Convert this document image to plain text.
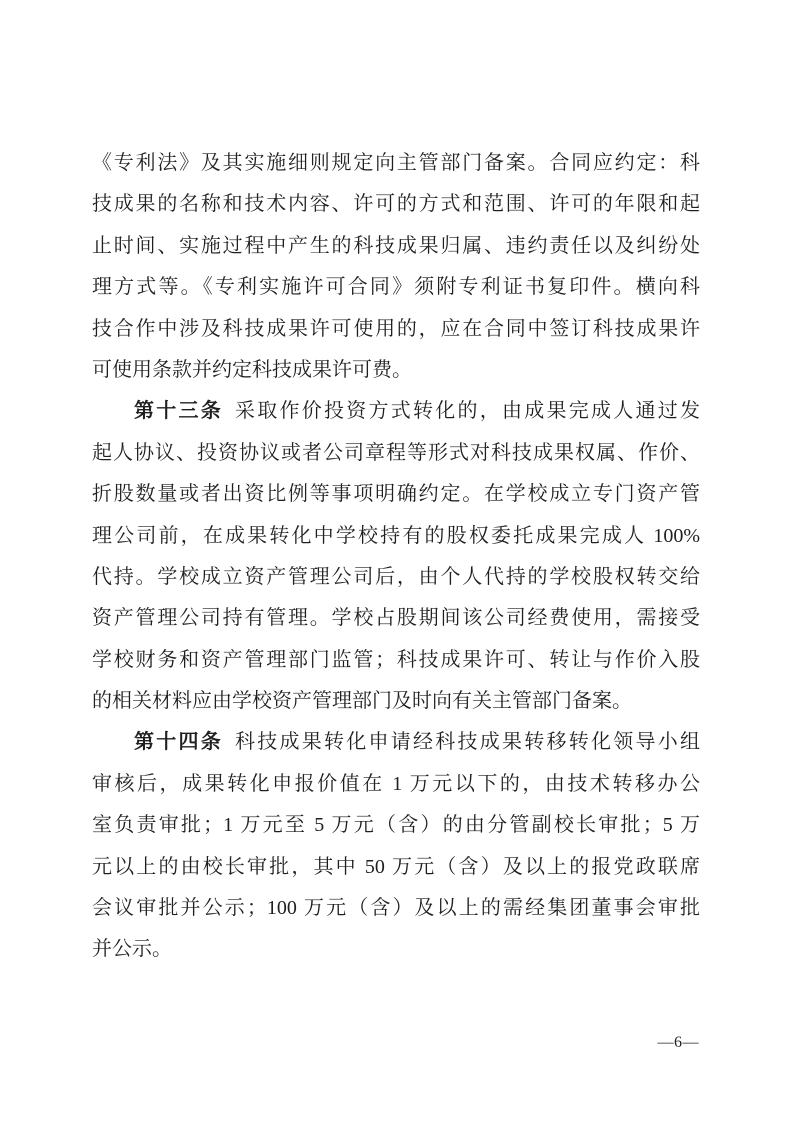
《专利法》及其实施细则规定向主管部门备案。合同应约定：科
技成果的名称和技术内容、许可的方式和范围、许可的年限和起
止时间、实施过程中产生的科技成果归属、违约责任以及纠纷处
理方式等。《专利实施许可合同》须附专利证书复印件。横向科
技合作中涉及科技成果许可使用的，应在合同中签订科技成果许
可使用条款并约定科技成果许可费。
第十三条 采取作价投资方式转化的，由成果完成人通过发
起人协议、投资协议或者公司章程等形式对科技成果权属、作价、
折股数量或者出资比例等事项明确约定。在学校成立专门资产管
理公司前，在成果转化中学校持有的股权委托成果完成人 100%
代持。学校成立资产管理公司后，由个人代持的学校股权转交给
资产管理公司持有管理。学校占股期间该公司经费使用，需接受
学校财务和资产管理部门监管；科技成果许可、转让与作价入股
的相关材料应由学校资产管理部门及时向有关主管部门备案。
第十四条 科技成果转化申请经科技成果转移转化领导小组
审核后，成果转化申报价值在 1 万元以下的，由技术转移办公
室负责审批；1 万元至 5 万元（含）的由分管副校长审批；5 万
元以上的由校长审批，其中 50 万元（含）及以上的报党政联席
会议审批并公示；100 万元（含）及以上的需经集团董事会审批
并公示。
—6—
